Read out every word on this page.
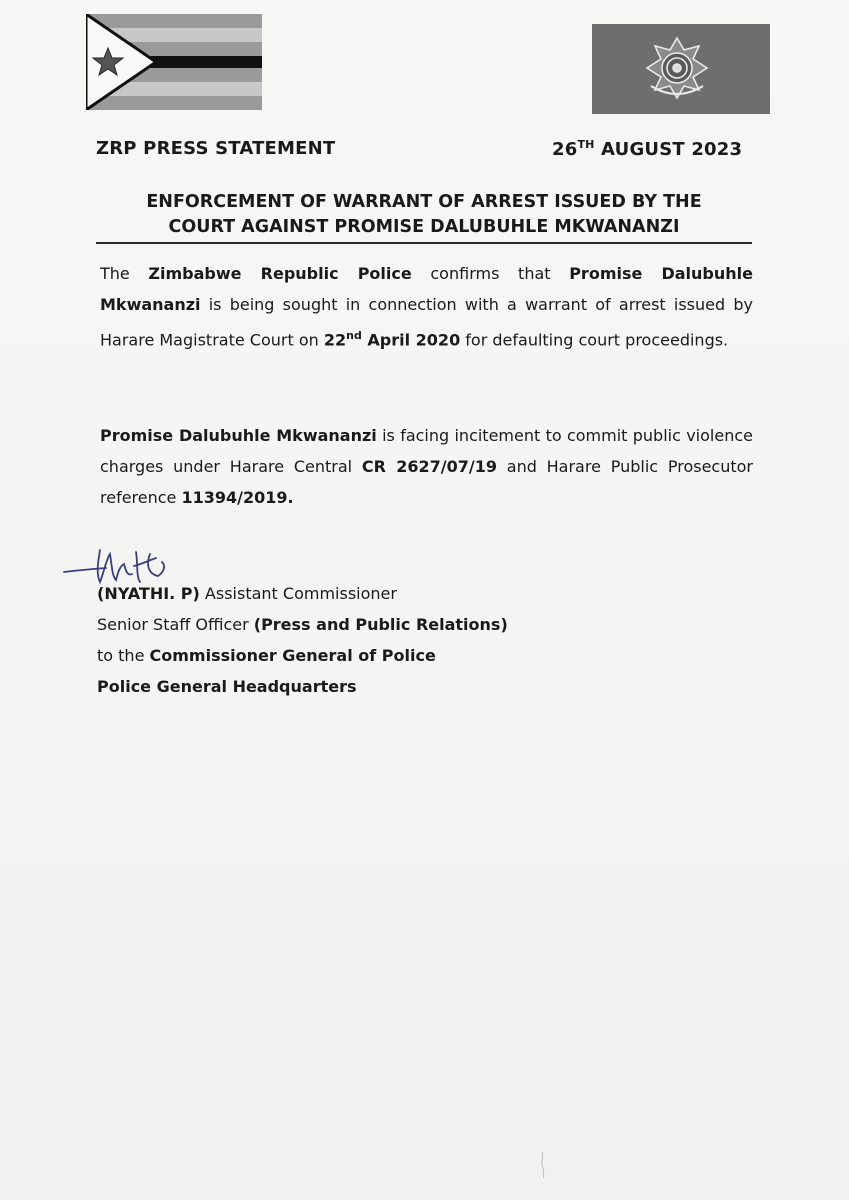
ZRP PRESS STATEMENT	26TH AUGUST 2023
ENFORCEMENT OF WARRANT OF ARREST ISSUED BY THE
COURT AGAINST PROMISE DALUBUHLE MKWANANZI
The Zimbabwe Republic Police confirms that Promise Dalubuhle Mkwananzi is being sought in connection with a warrant of arrest issued by Harare Magistrate Court on 22nd April 2020 for defaulting court proceedings.
Promise Dalubuhle Mkwananzi is facing incitement to commit public violence charges under Harare Central CR 2627/07/19 and Harare Public Prosecutor reference 11394/2019.
(NYATHI. P) Assistant Commissioner
Senior Staff Officer (Press and Public Relations)
to the Commissioner General of Police
Police General Headquarters
